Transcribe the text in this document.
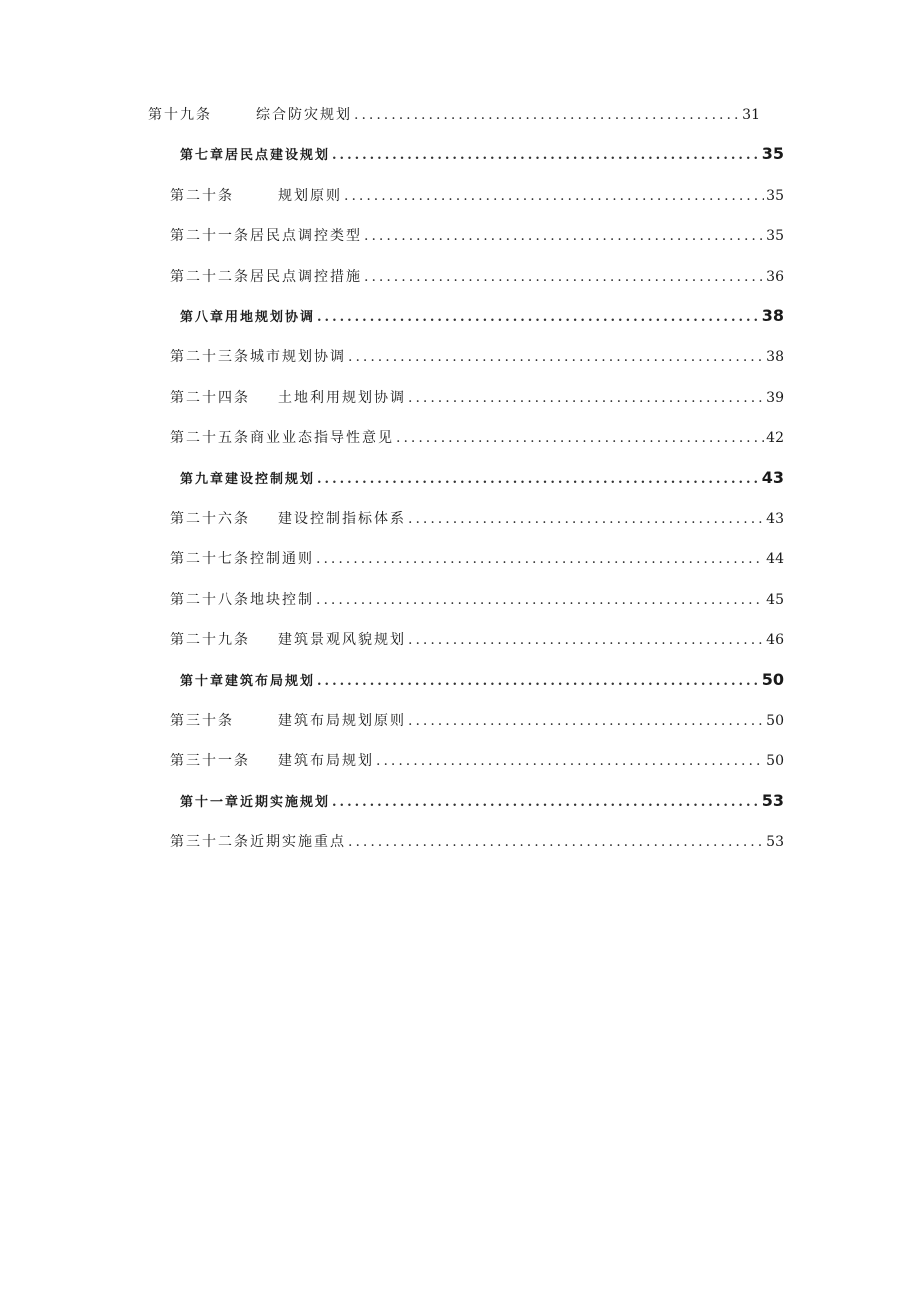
第十九条	综合防灾规划 .....	31
第七章居民点建设规划 .....	35
第二十条	规划原则 .....	35
第二十一条居民点调控类型 .....	35
第二十二条居民点调控措施 .....	36
第八章用地规划协调 .....	38
第二十三条城市规划协调 .....	38
第二十四条 土地利用规划协调 .....	39
第二十五条商业业态指导性意见 .....	42
第九章建设控制规划 .....	43
第二十六条 建设控制指标体系 .....	43
第二十七条控制通则 .....	44
第二十八条地块控制 .....	45
第二十九条 建筑景观风貌规划 .....	46
第十章建筑布局规划 .....	50
第三十条	建筑布局规划原则 .....	50
第三十一条 建筑布局规划 .....	50
第十一章近期实施规划 .....	53
第三十二条近期实施重点 .....	53
